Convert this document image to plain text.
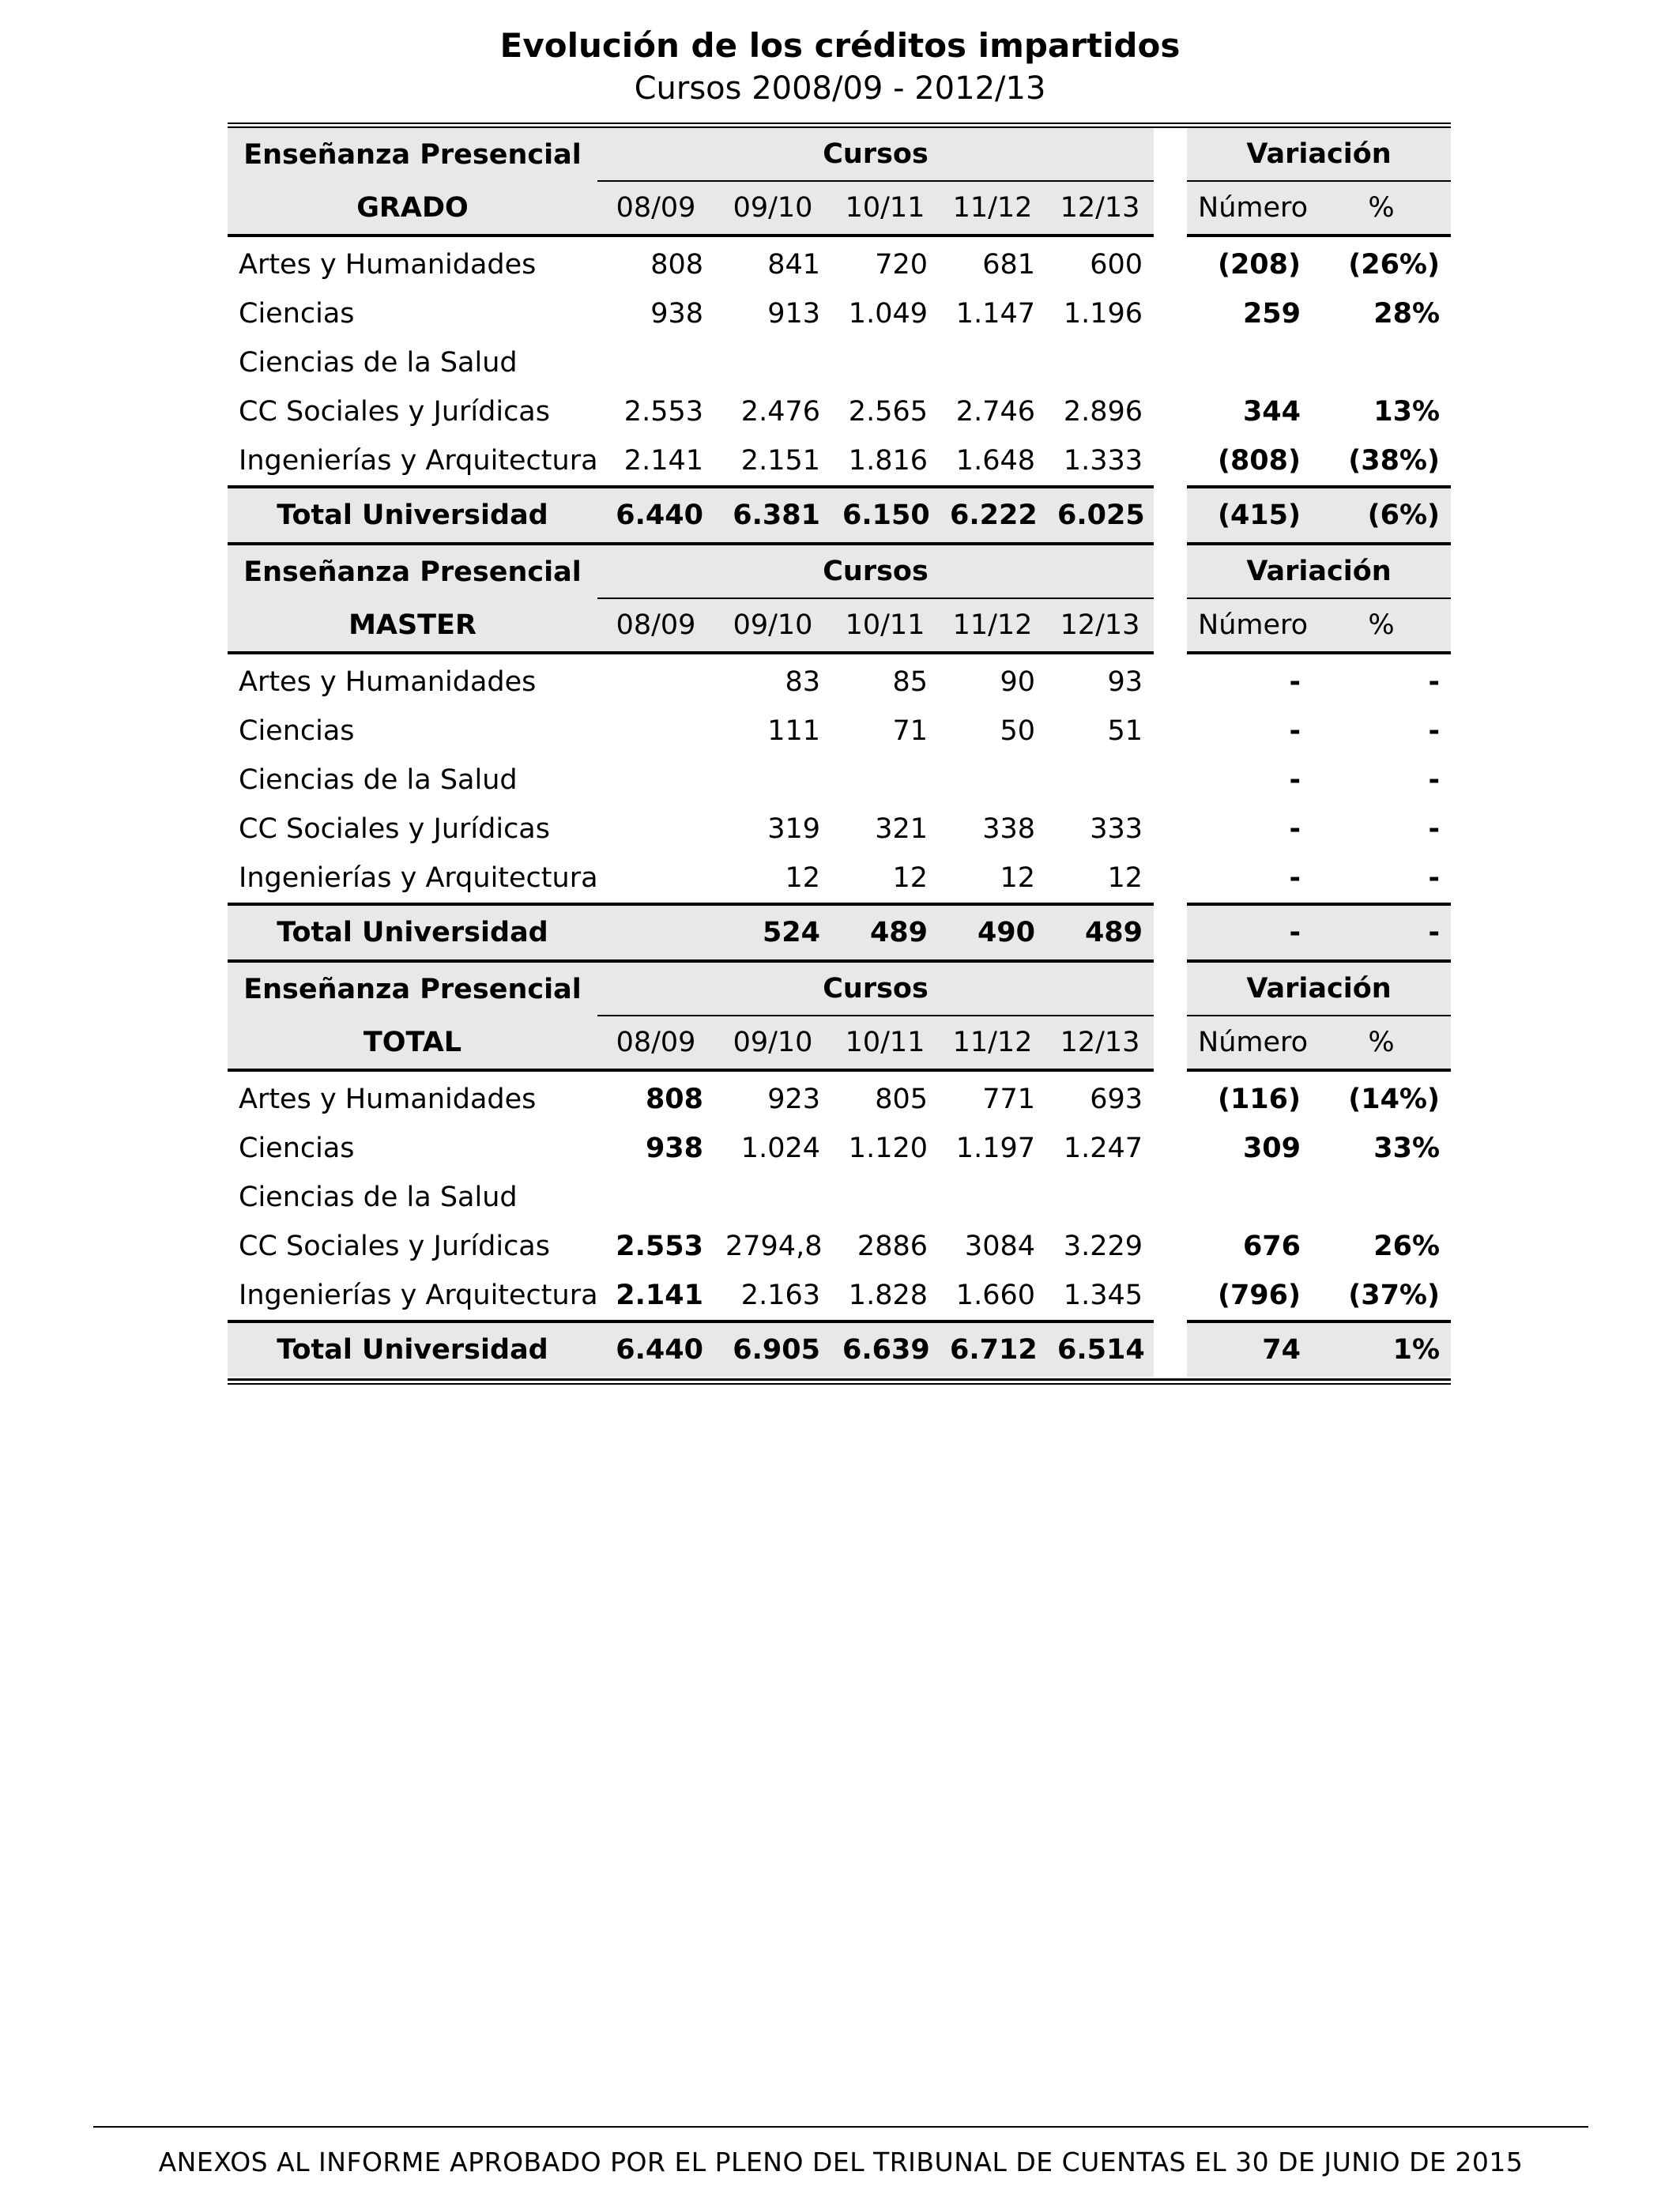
Evolución de los créditos impartidos
Cursos 2008/09 - 2012/13
Enseñanza Presencial	Cursos						Variación	
GRADO	08/09	09/10	10/11	11/12	12/13		Número	%
Artes y Humanidades	808	841	720	681	600		(208)	(26%)
Ciencias	938	913	1.049	1.147	1.196		259	28%
Ciencias de la Salud								
CC Sociales y Jurídicas	2.553	2.476	2.565	2.746	2.896		344	13%
Ingenierías y Arquitectura	2.141	2.151	1.816	1.648	1.333		(808)	(38%)
Total Universidad	6.440	6.381	6.150	6.222	6.025		(415)	(6%)
Enseñanza Presencial	Cursos						Variación	
MASTER	08/09	09/10	10/11	11/12	12/13		Número	%
Artes y Humanidades		83	85	90	93		-	-
Ciencias		111	71	50	51		-	-
Ciencias de la Salud							-	-
CC Sociales y Jurídicas		319	321	338	333		-	-
Ingenierías y Arquitectura		12	12	12	12		-	-
Total Universidad		524	489	490	489		-	-
Enseñanza Presencial	Cursos						Variación	
TOTAL	08/09	09/10	10/11	11/12	12/13		Número	%
Artes y Humanidades	808	923	805	771	693		(116)	(14%)
Ciencias	938	1.024	1.120	1.197	1.247		309	33%
Ciencias de la Salud								
CC Sociales y Jurídicas	2.553	2794,8	2886	3084	3.229		676	26%
Ingenierías y Arquitectura	2.141	2.163	1.828	1.660	1.345		(796)	(37%)
Total Universidad	6.440	6.905	6.639	6.712	6.514		74	1%
ANEXOS AL INFORME APROBADO POR EL PLENO DEL TRIBUNAL DE CUENTAS EL 30 DE JUNIO DE 2015
